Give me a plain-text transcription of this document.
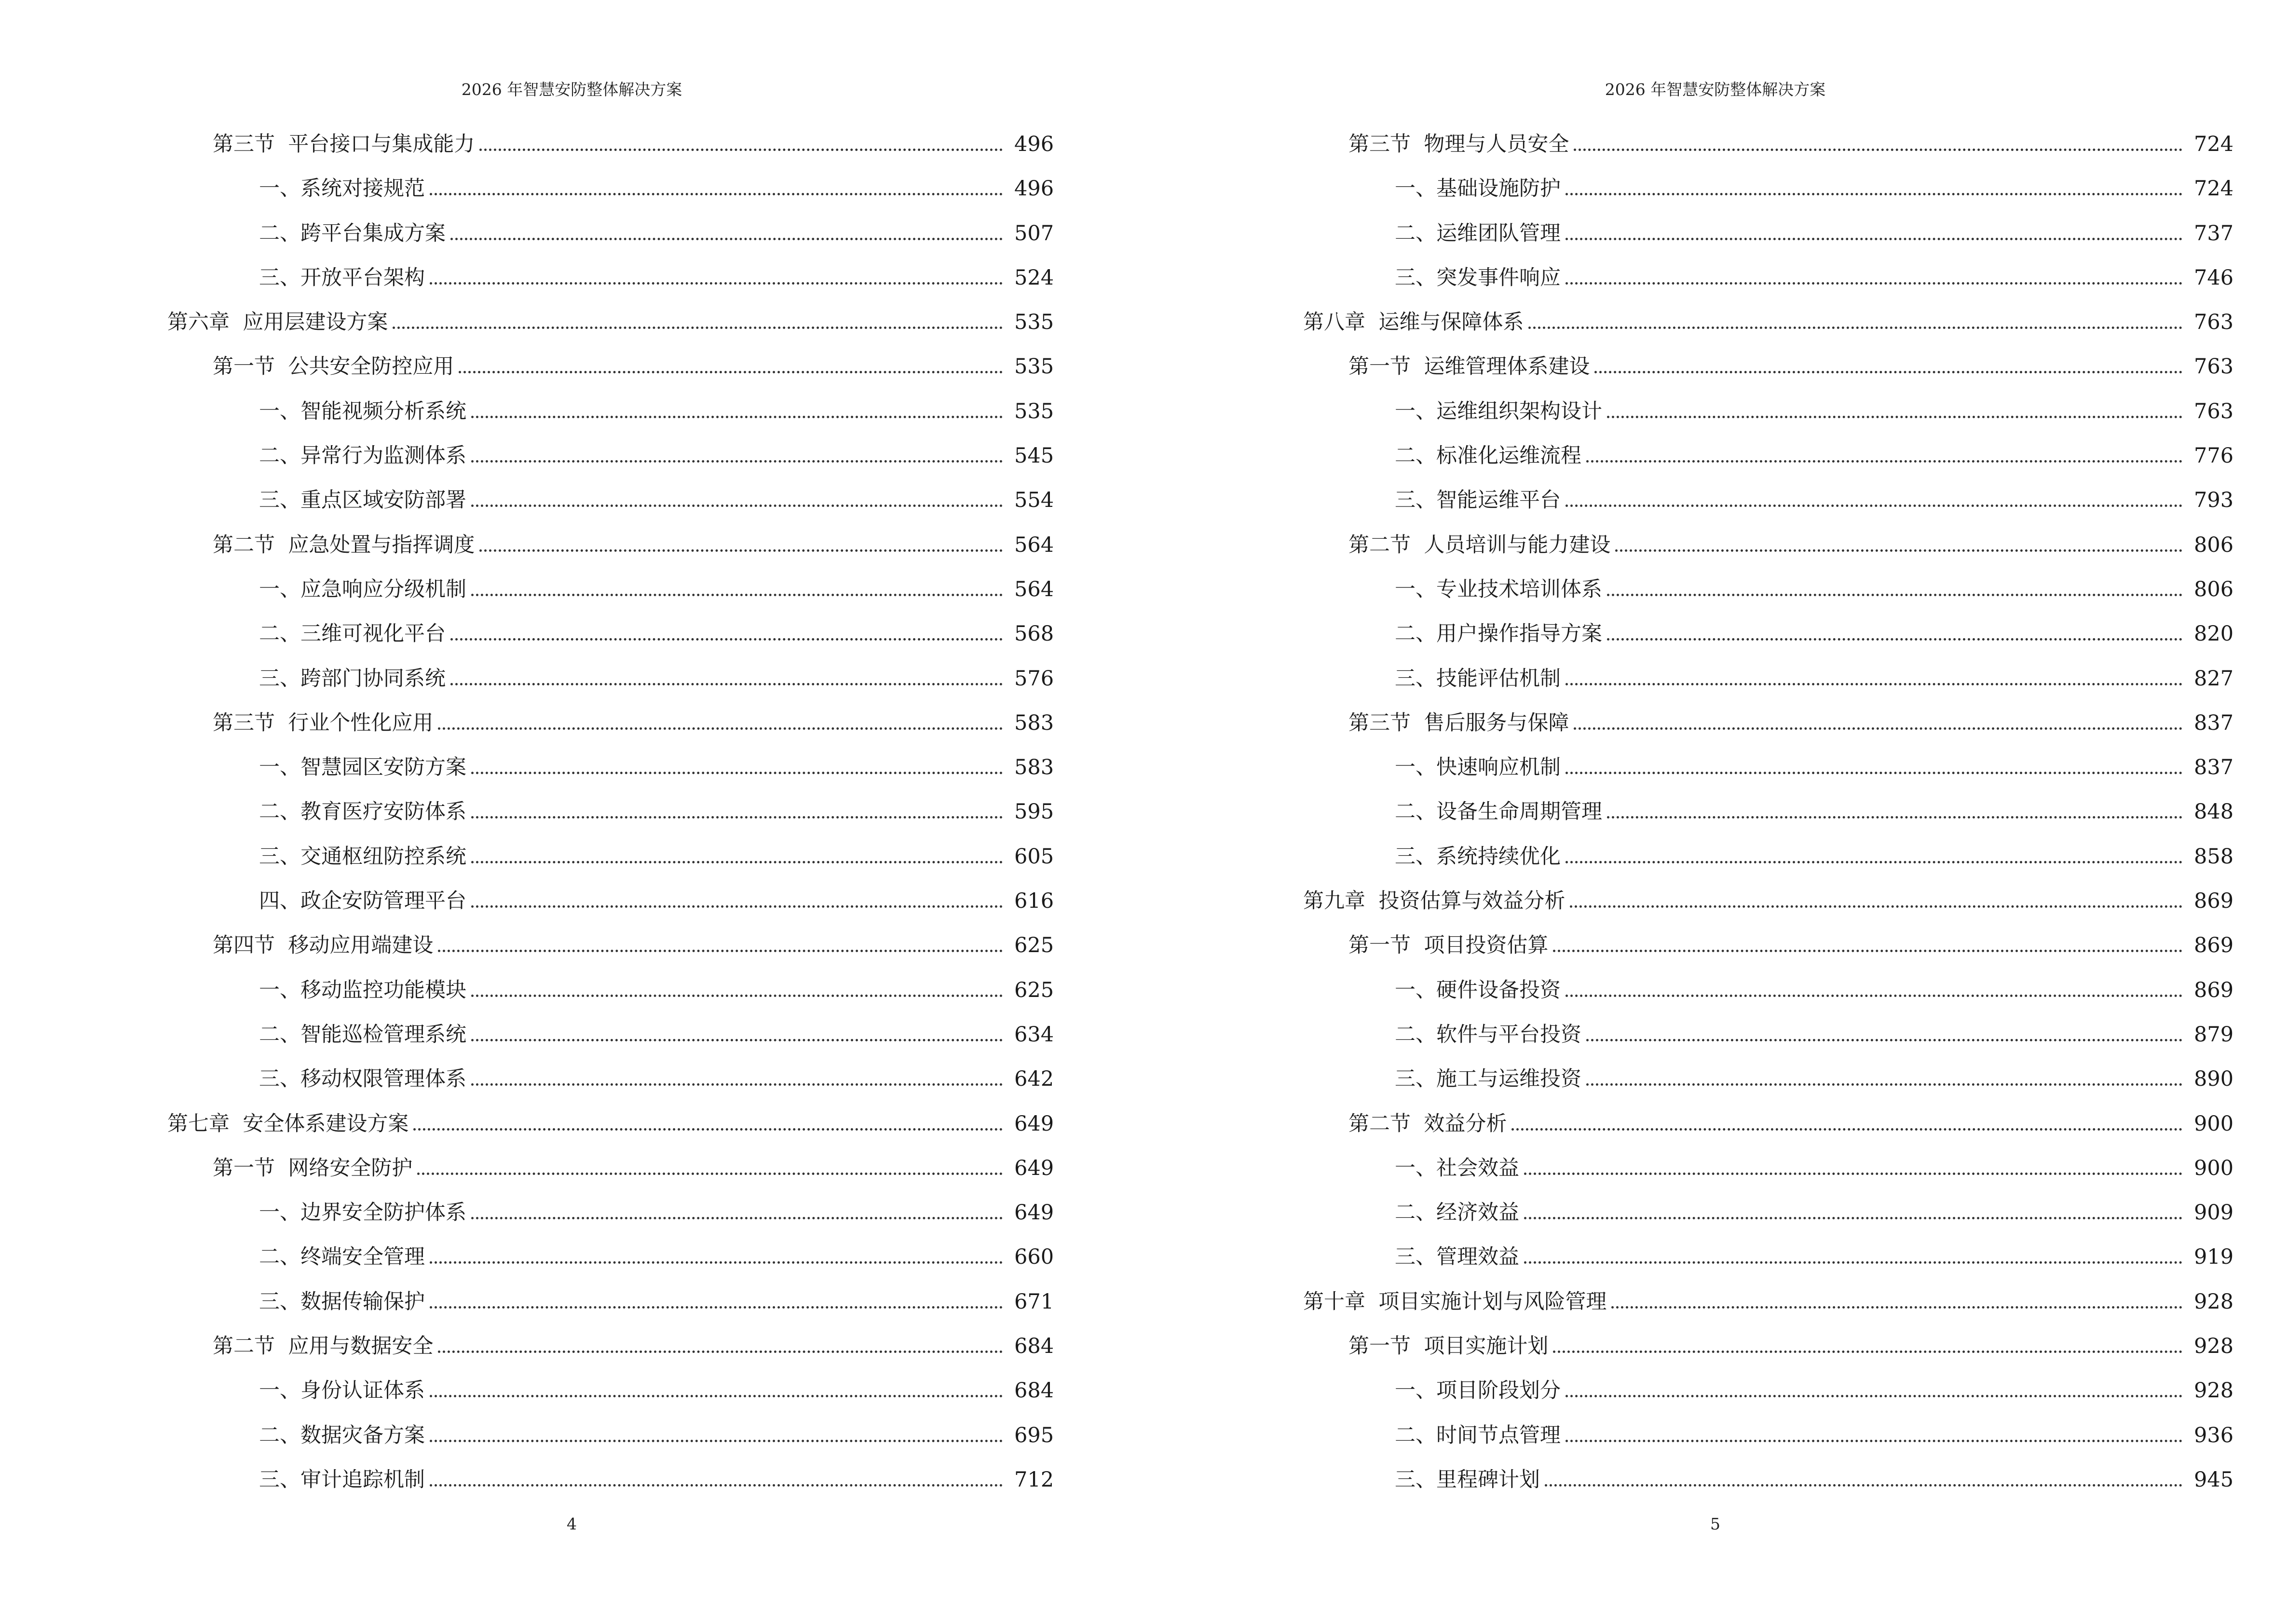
2026 年智慧安防整体解决方案
第三节  平台接口与集成能力	496
一、系统对接规范	496
二、跨平台集成方案	507
三、开放平台架构	524
第六章  应用层建设方案	535
第一节  公共安全防控应用	535
一、智能视频分析系统	535
二、异常行为监测体系	545
三、重点区域安防部署	554
第二节  应急处置与指挥调度	564
一、应急响应分级机制	564
二、三维可视化平台	568
三、跨部门协同系统	576
第三节  行业个性化应用	583
一、智慧园区安防方案	583
二、教育医疗安防体系	595
三、交通枢纽防控系统	605
四、政企安防管理平台	616
第四节  移动应用端建设	625
一、移动监控功能模块	625
二、智能巡检管理系统	634
三、移动权限管理体系	642
第七章  安全体系建设方案	649
第一节  网络安全防护	649
一、边界安全防护体系	649
二、终端安全管理	660
三、数据传输保护	671
第二节  应用与数据安全	684
一、身份认证体系	684
二、数据灾备方案	695
三、审计追踪机制	712
4
2026 年智慧安防整体解决方案
第三节  物理与人员安全	724
一、基础设施防护	724
二、运维团队管理	737
三、突发事件响应	746
第八章  运维与保障体系	763
第一节  运维管理体系建设	763
一、运维组织架构设计	763
二、标准化运维流程	776
三、智能运维平台	793
第二节  人员培训与能力建设	806
一、专业技术培训体系	806
二、用户操作指导方案	820
三、技能评估机制	827
第三节  售后服务与保障	837
一、快速响应机制	837
二、设备生命周期管理	848
三、系统持续优化	858
第九章  投资估算与效益分析	869
第一节  项目投资估算	869
一、硬件设备投资	869
二、软件与平台投资	879
三、施工与运维投资	890
第二节  效益分析	900
一、社会效益	900
二、经济效益	909
三、管理效益	919
第十章  项目实施计划与风险管理	928
第一节  项目实施计划	928
一、项目阶段划分	928
二、时间节点管理	936
三、里程碑计划	945
5
